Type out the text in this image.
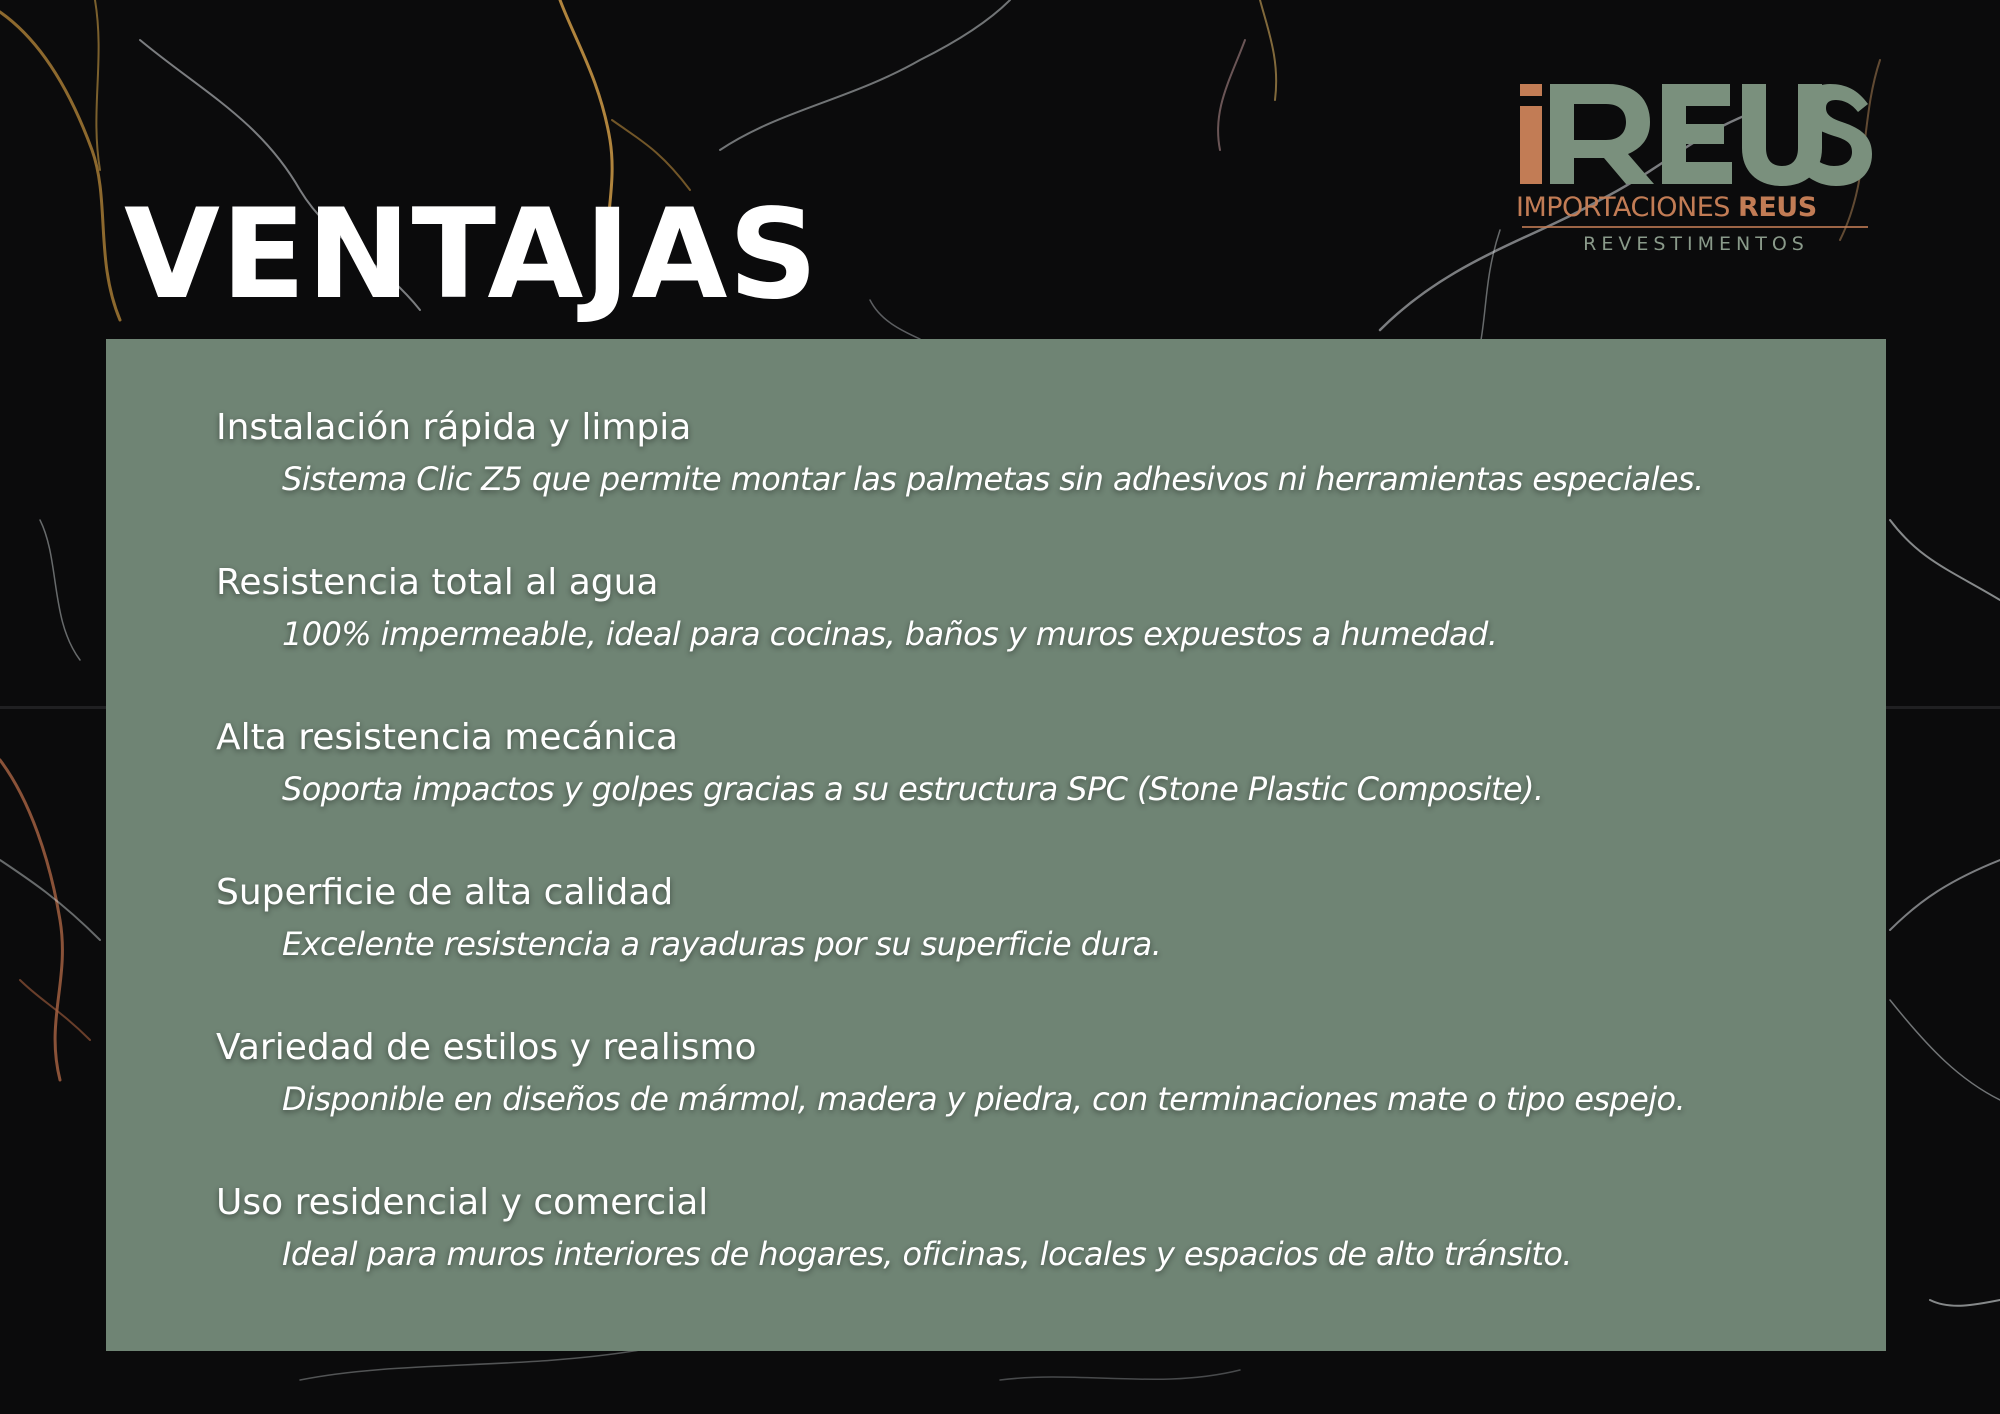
VENTAJAS	IMPORTACIONES REUS
REVESTIMENTOS
Instalación rápida y limpia
Sistema Clic Z5 que permite montar las palmetas sin adhesivos ni herramientas especiales.
Resistencia total al agua
100% impermeable, ideal para cocinas, baños y muros expuestos a humedad.
Alta resistencia mecánica
Soporta impactos y golpes gracias a su estructura SPC (Stone Plastic Composite).
Superficie de alta calidad
Excelente resistencia a rayaduras por su superficie dura.
Variedad de estilos y realismo
Disponible en diseños de mármol, madera y piedra, con terminaciones mate o tipo espejo.
Uso residencial y comercial
Ideal para muros interiores de hogares, oficinas, locales y espacios de alto tránsito.
